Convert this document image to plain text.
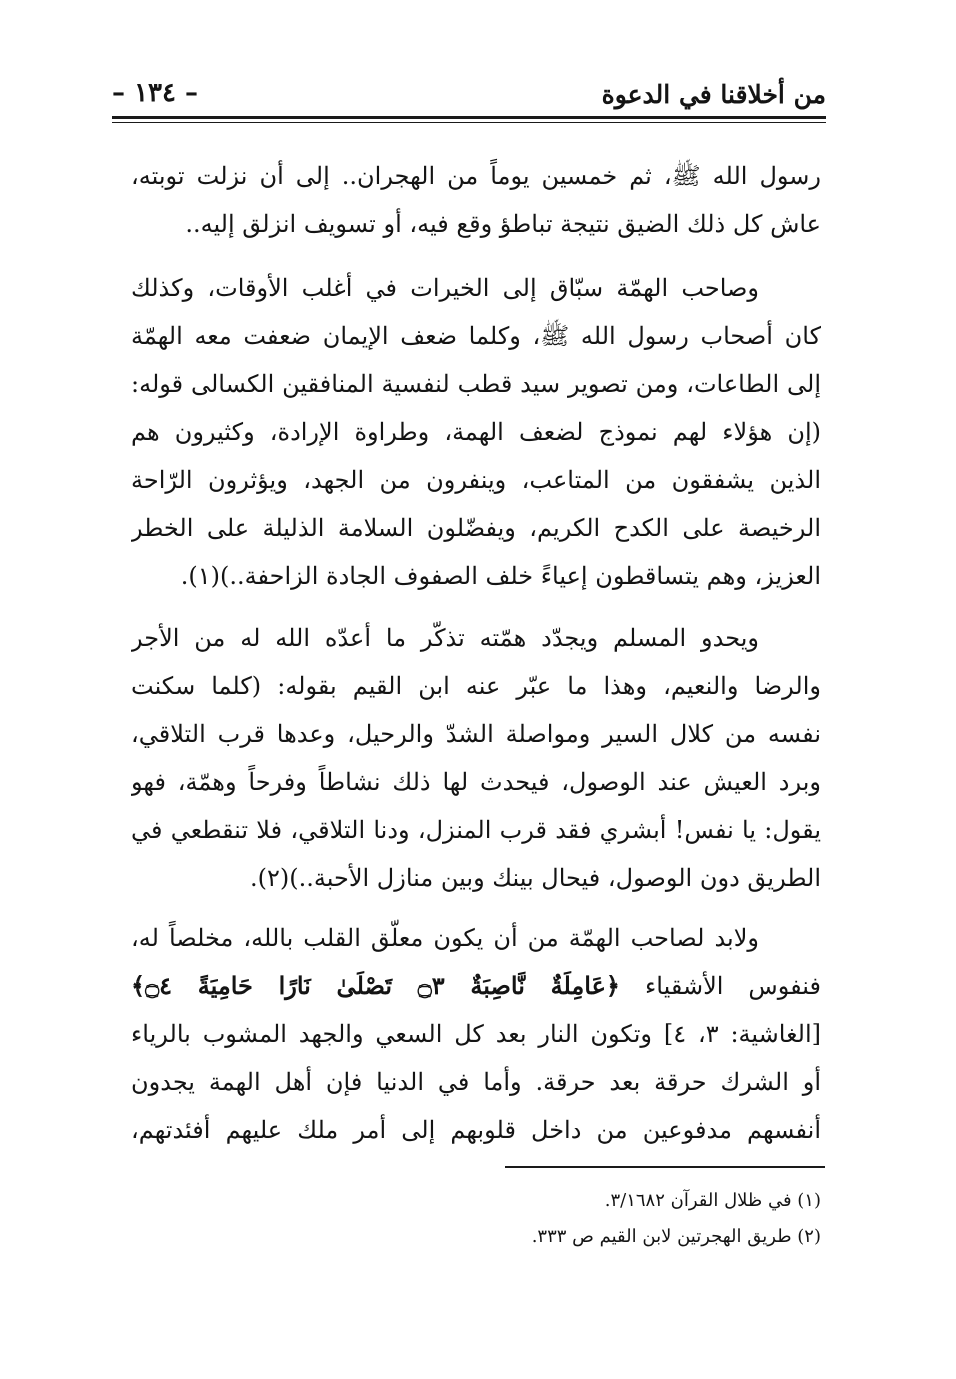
من أخلاقنا في الدعوة
– ١٣٤ –
رسول الله ﷺ، ثم خمسين يوماً من الهجران.. إلى أن نزلت توبته،
عاش كل ذلك الضيق نتيجة تباطؤ وقع فيه، أو تسويف انزلق إليه..
وصاحب الهمّة سبّاق إلى الخيرات في أغلب الأوقات، وكذلك
كان أصحاب رسول الله ﷺ، وكلما ضعف الإيمان ضعفت معه الهمّة
إلى الطاعات، ومن تصوير سيد قطب لنفسية المنافقين الكسالى قوله:
(إن هؤلاء لهم نموذج لضعف الهمة، وطراوة الإرادة، وكثيرون هم
الذين يشفقون من المتاعب، وينفرون من الجهد، ويؤثرون الرّاحة
الرخيصة على الكدح الكريم، ويفضّلون السلامة الذليلة على الخطر
العزيز، وهم يتساقطون إعياءً خلف الصفوف الجادة الزاحفة..)(١).
ويحدو المسلم ويجدّد همّته تذكّر ما أعدّه الله له من الأجر
والرضا والنعيم، وهذا ما عبّر عنه ابن القيم بقوله: (كلما سكنت
نفسه من كلال السير ومواصلة الشدّ والرحيل، وعدها قرب التلاقي،
وبرد العيش عند الوصول، فيحدث لها ذلك نشاطاً وفرحاً وهمّة، فهو
يقول: يا نفس! أبشري فقد قرب المنزل، ودنا التلاقي، فلا تنقطعي في
الطريق دون الوصول، فيحال بينك وبين منازل الأحبة..)(٢).
ولابد لصاحب الهمّة من أن يكون معلّق القلب بالله، مخلصاً له،
فنفوس الأشقياء ﴿عَامِلَةٌ نَّاصِبَةٌ ۝٣ تَصْلَىٰ نَارًا حَامِيَةً ۝٤﴾
[الغاشية: ٣، ٤] وتكون النار بعد كل السعي والجهد المشوب بالرياء
أو الشرك حرقة بعد حرقة. وأما في الدنيا فإن أهل الهمة يجدون
أنفسهم مدفوعين من داخل قلوبهم إلى أمر ملك عليهم أفئدتهم،
(١) في ظلال القرآن ٣/١٦٨٢.
(٢) طريق الهجرتين لابن القيم ص ٣٣٣.
